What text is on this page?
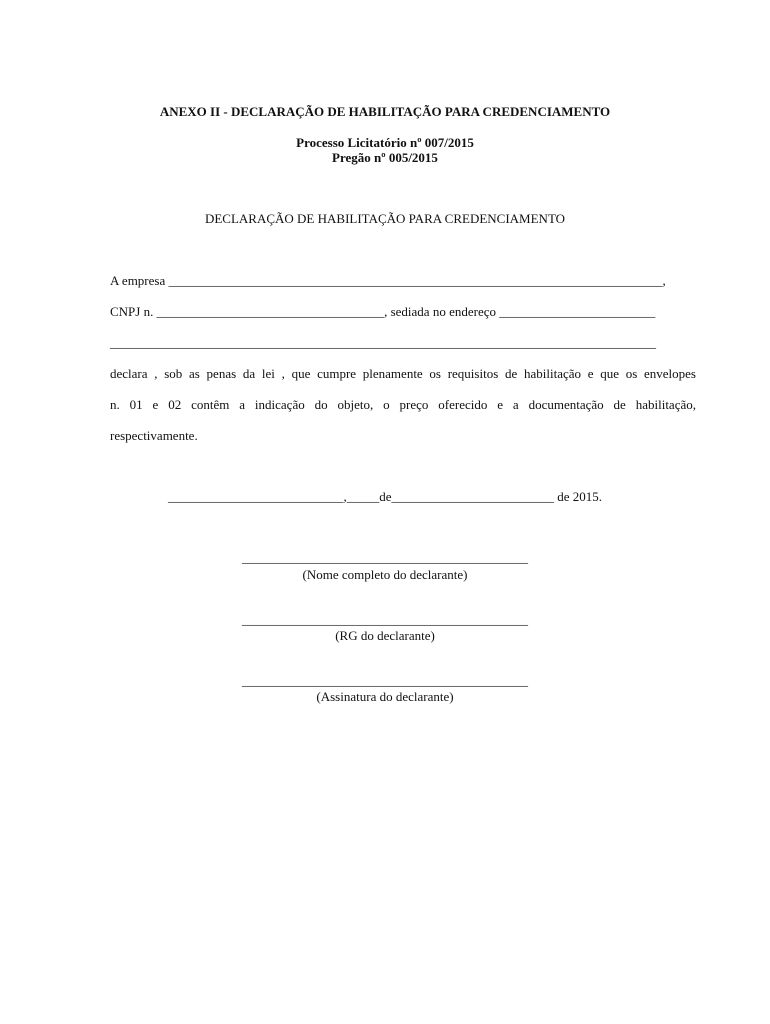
ANEXO II - DECLARAÇÃO DE HABILITAÇÃO PARA CREDENCIAMENTO
Processo Licitatório nº 007/2015
Pregão nº 005/2015
DECLARAÇÃO DE HABILITAÇÃO PARA CREDENCIAMENTO
A empresa ____________________________________________________________________________,
CNPJ n. ___________________________________, sediada no endereço ________________________
____________________________________________________________________________________
declara , sob as penas da lei , que cumpre plenamente os requisitos de habilitação e que os envelopes
n. 01 e 02 contêm a indicação do objeto, o preço oferecido e a documentação de habilitação,
respectivamente.
___________________________,_____de_________________________ de 2015.
____________________________________________
(Nome completo do declarante)
____________________________________________
(RG do declarante)
____________________________________________
(Assinatura do declarante)
